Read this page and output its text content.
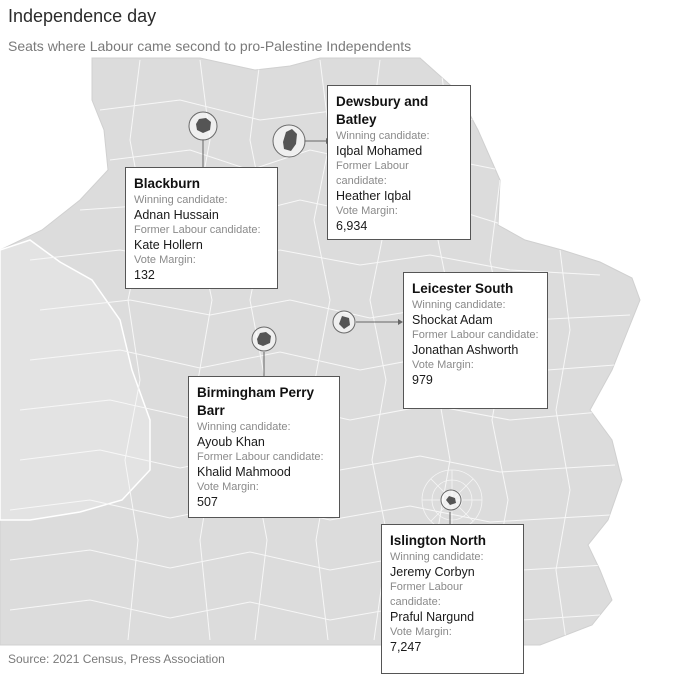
Independence day
Seats where Labour came second to pro-Palestine Independents
Blackburn
Winning candidate:
Adnan Hussain
Former Labour candidate:
Kate Hollern
Vote Margin:
132
Dewsbury and Batley
Winning candidate:
Iqbal Mohamed
Former Labour candidate:
Heather Iqbal
Vote Margin:
6,934
Leicester South
Winning candidate:
Shockat Adam
Former Labour candidate:
Jonathan Ashworth
Vote Margin:
979
Birmingham Perry Barr
Winning candidate:
Ayoub Khan
Former Labour candidate:
Khalid Mahmood
Vote Margin:
507
Islington North
Winning candidate:
Jeremy Corbyn
Former Labour candidate:
Praful Nargund
Vote Margin:
7,247
Source: 2021 Census, Press Association
